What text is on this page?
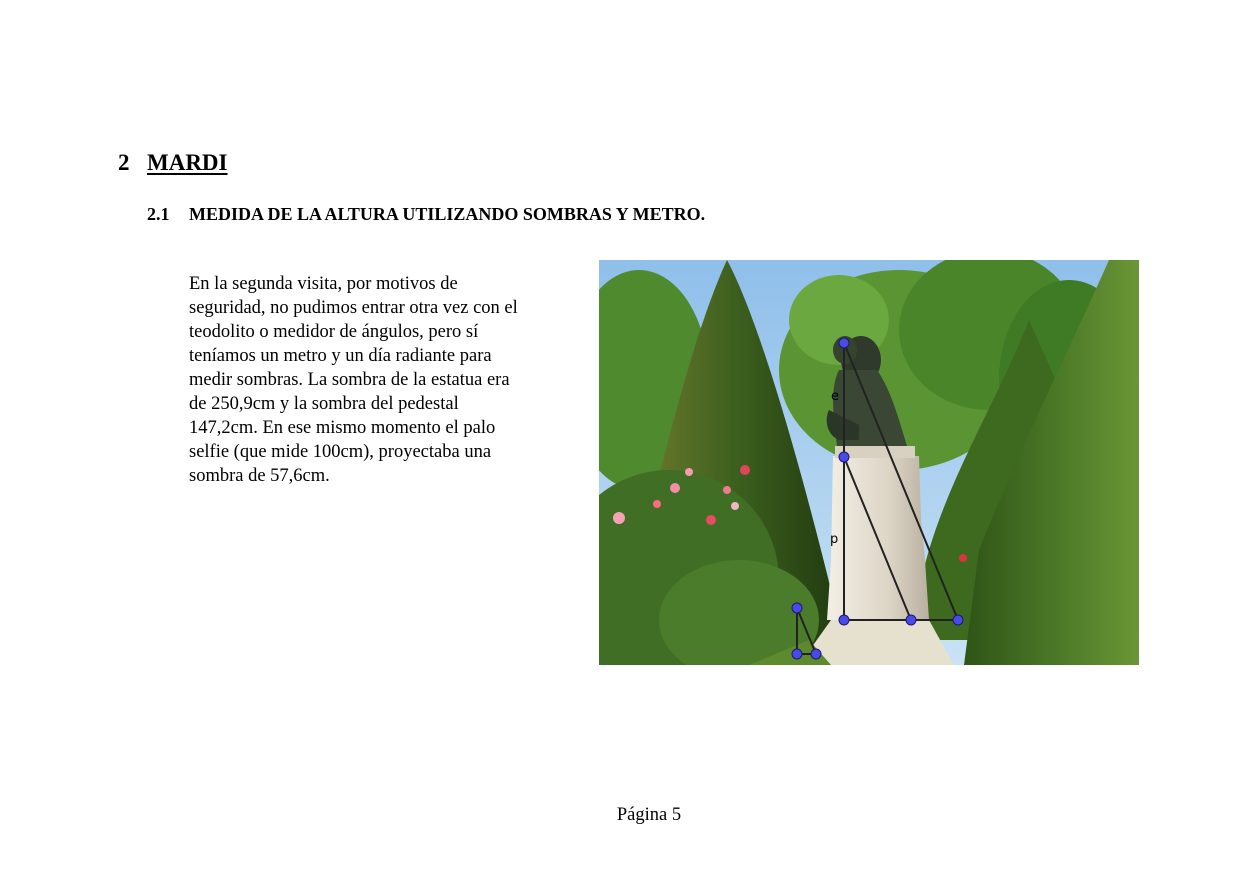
2 MARDI
2.1 MEDIDA DE LA ALTURA UTILIZANDO SOMBRAS Y METRO.

En la segunda visita, por motivos de
seguridad, no pudimos entrar otra vez con el
teodolito o medidor de ángulos, pero sí
teníamos un metro y un día radiante para
medir sombras. La sombra de la estatua era
de 250,9cm y la sombra del pedestal
147,2cm. En ese mismo momento el palo
selfie (que mide 100cm), proyectaba una
sombra de 57,6cm.

e
p
Página 5
